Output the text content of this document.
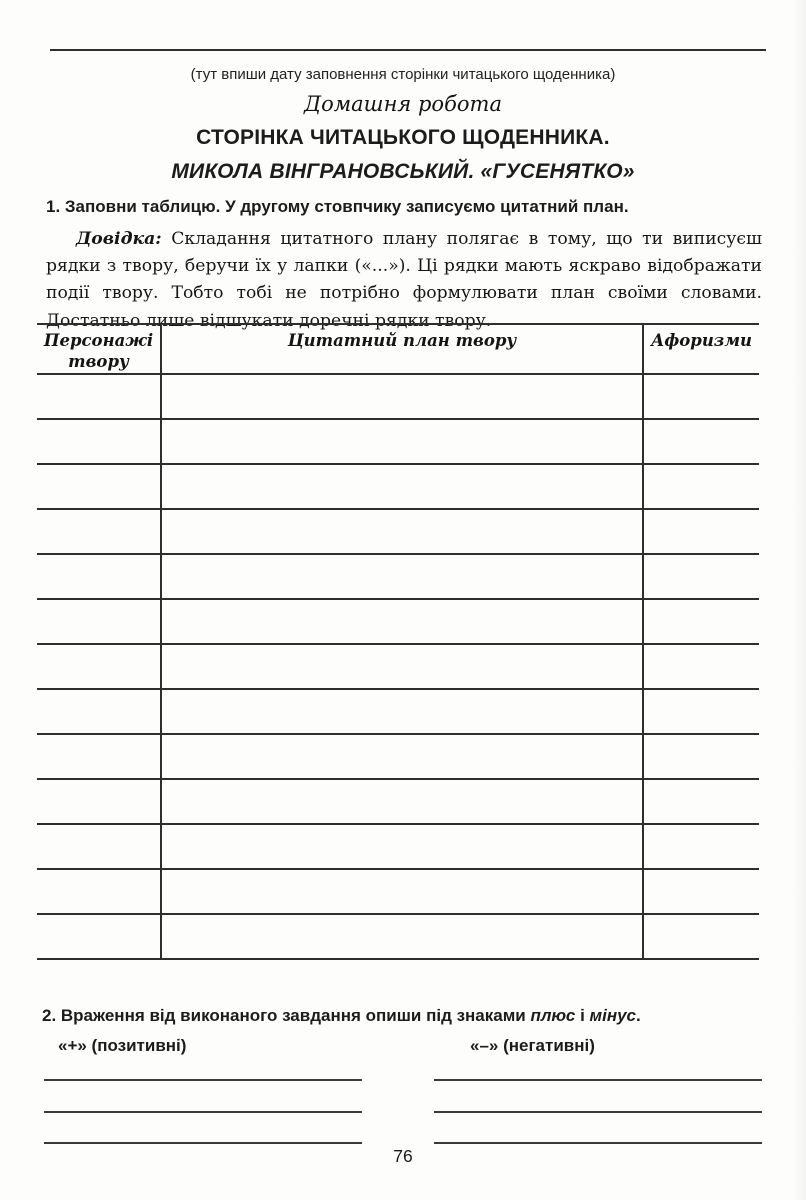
(тут впиши дату заповнення сторінки читацького щоденника)
Домашня робота
СТОРІНКА ЧИТАЦЬКОГО ЩОДЕННИКА.
МИКОЛА ВІНГРАНОВСЬКИЙ. «ГУСЕНЯТКО»
1. Заповни таблицю. У другому стовпчику записуємо цитатний план.
Довідка: Складання цитатного плану полягає в тому, що ти виписуєш рядки з твору, беручи їх у лапки («...»). Ці рядки мають яскраво відображати події твору. Тобто тобі не потрібно формулювати план своїми словами. Достатньо лише відшукати доречні рядки твору.
Персонажі твору	Цитатний план твору	Афоризми

2. Враження від виконаного завдання опиши під знаками плюс і мінус.
«+» (позитивні)	«–» (негативні)
76
